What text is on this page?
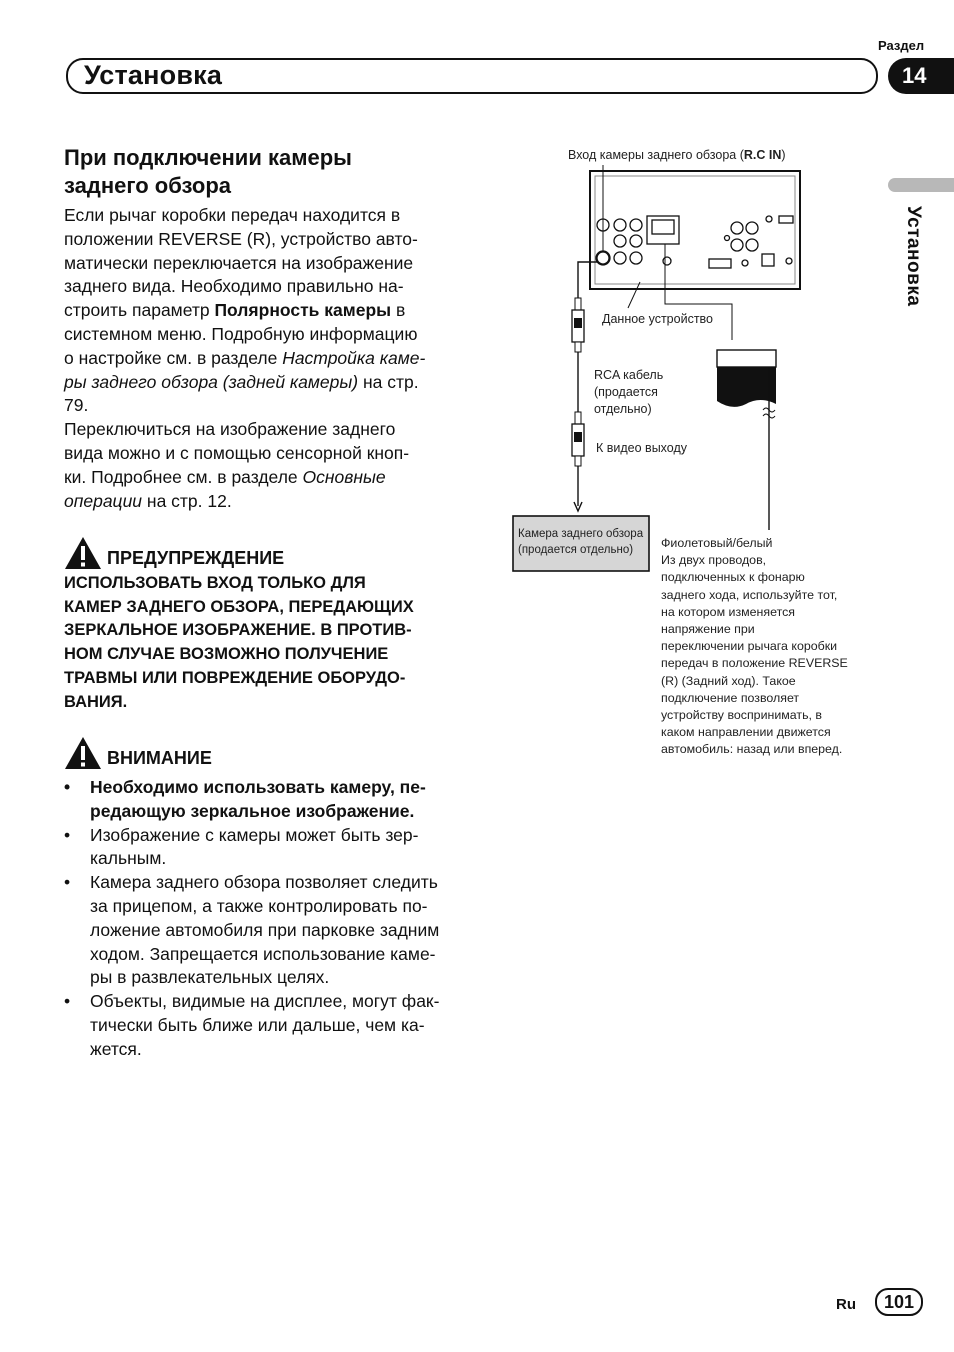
Раздел
Установка	14
Установка
При подключении камеры
заднего обзора
Если рычаг коробки передач находится в
положении REVERSE (R), устройство авто-
матически переключается на изображение
заднего вида. Необходимо правильно на-
строить параметр Полярность камеры в
системном меню. Подробную информацию
о настройке см. в разделе Настройка каме-
ры заднего обзора (задней камеры) на стр.
79.
Переключиться на изображение заднего
вида можно и с помощью сенсорной кноп-
ки. Подробнее см. в разделе Основные
операции на стр. 12.
ПРЕДУПРЕЖДЕНИЕ
ИСПОЛЬЗОВАТЬ ВХОД ТОЛЬКО ДЛЯ
КАМЕР ЗАДНЕГО ОБЗОРА, ПЕРЕДАЮЩИХ
ЗЕРКАЛЬНОЕ ИЗОБРАЖЕНИЕ. В ПРОТИВ-
НОМ СЛУЧАЕ ВОЗМОЖНО ПОЛУЧЕНИЕ
ТРАВМЫ ИЛИ ПОВРЕЖДЕНИЕ ОБОРУДО-
ВАНИЯ.
ВНИМАНИЕ
• Необходимо использовать камеру, пе-
редающую зеркальное изображение.
• Изображение с камеры может быть зер-
кальным.
• Камера заднего обзора позволяет следить
за прицепом, а также контролировать по-
ложение автомобиля при парковке задним
ходом. Запрещается использование каме-
ры в развлекательных целях.
• Объекты, видимые на дисплее, могут фак-
тически быть ближе или дальше, чем ка-
жется.
Вход камеры заднего обзора (R.C IN)
Данное устройство
RCA кабель
(продается
отдельно)
К видео выходу
Камера заднего обзора
(продается отдельно)	Фиолетовый/белый
Из двух проводов,
подключенных к фонарю
заднего хода, используйте тот,
на котором изменяется
напряжение при
переключении рычага коробки
передач в положение REVERSE
(R) (Задний ход). Такое
подключение позволяет
устройству воспринимать, в
каком направлении движется
автомобиль: назад или вперед.
Ru	101
